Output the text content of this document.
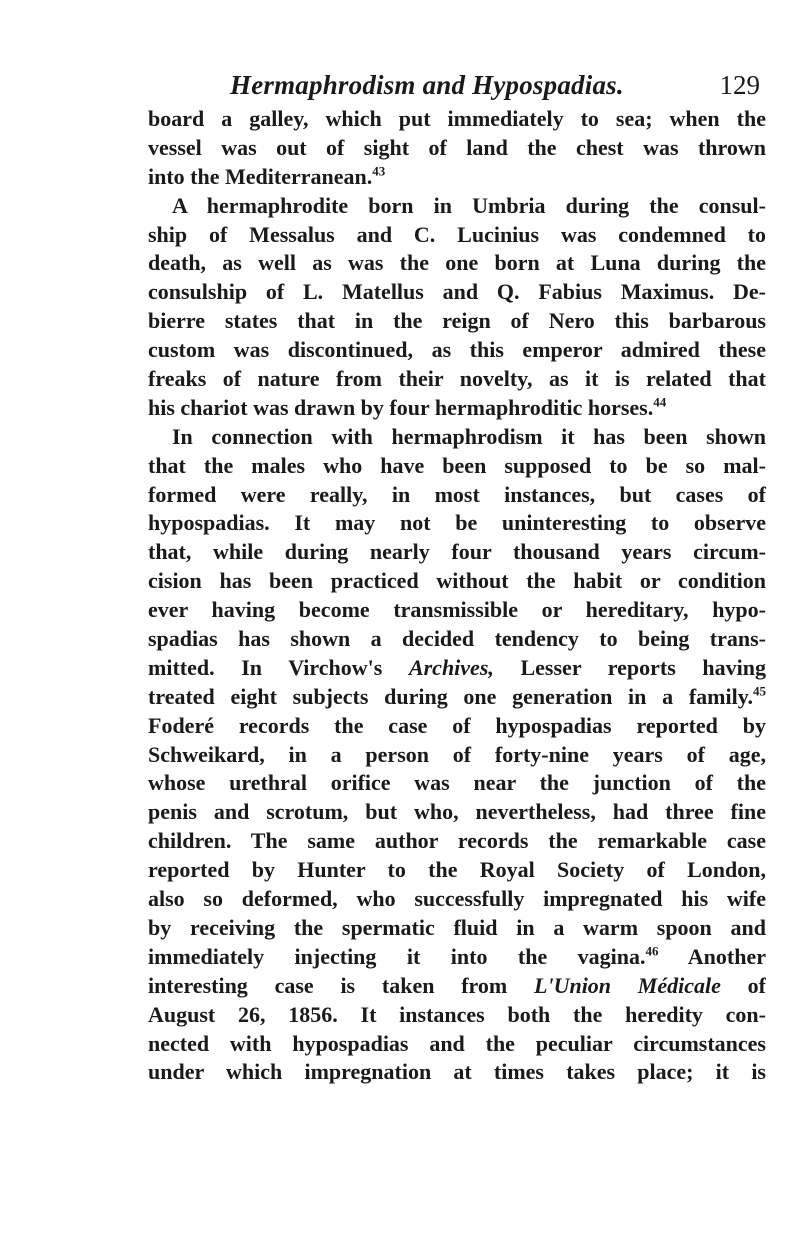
Hermaphrodism and Hypospadias.	129
board a galley, which put immediately to sea; when the
vessel was out of sight of land the chest was thrown
into the Mediterranean.$^{43}$
A hermaphrodite born in Umbria during the consul-
ship of Messalus and C. Lucinius was condemned to
death, as well as was the one born at Luna during the
consulship of L. Matellus and Q. Fabius Maximus. De-
bierre states that in the reign of Nero this barbarous
custom was discontinued, as this emperor admired these
freaks of nature from their novelty, as it is related that
his chariot was drawn by four hermaphroditic horses.$^{44}$
In connection with hermaphrodism it has been shown
that the males who have been supposed to be so mal-
formed were really, in most instances, but cases of
hypospadias. It may not be uninteresting to observe
that, while during nearly four thousand years circum-
cision has been practiced without the habit or condition
ever having become transmissible or hereditary, hypo-
spadias has shown a decided tendency to being trans-
mitted. In Virchow's Archives, Lesser reports having
treated eight subjects during one generation in a family.$^{45}$
Foderé records the case of hypospadias reported by
Schweikard, in a person of forty-nine years of age,
whose urethral orifice was near the junction of the
penis and scrotum, but who, nevertheless, had three fine
children. The same author records the remarkable case
reported by Hunter to the Royal Society of London,
also so deformed, who successfully impregnated his wife
by receiving the spermatic fluid in a warm spoon and
immediately injecting it into the vagina.$^{46}$ Another
interesting case is taken from L'Union Médicale of
August 26, 1856. It instances both the heredity con-
nected with hypospadias and the peculiar circumstances
under which impregnation at times takes place; it is
